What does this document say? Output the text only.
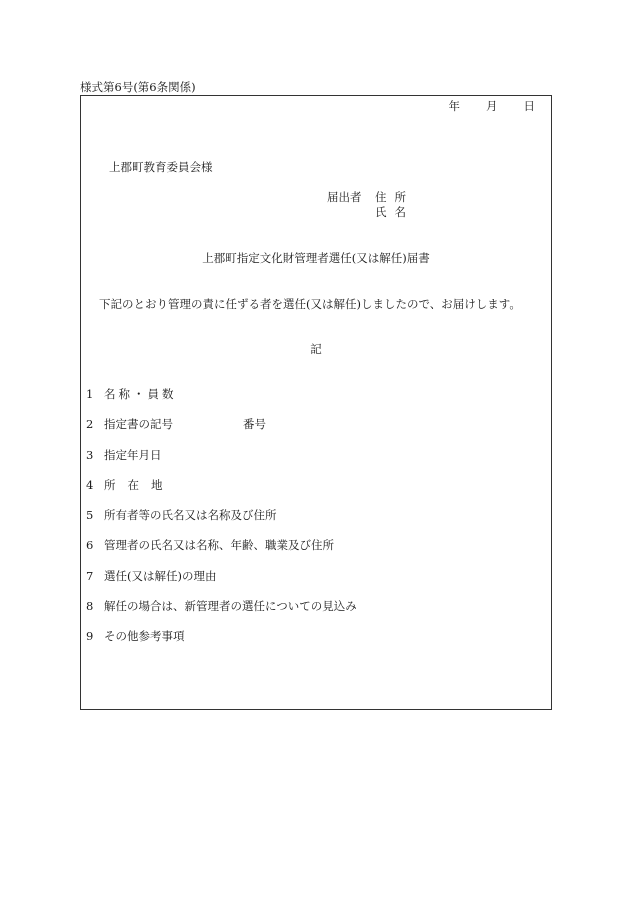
様式第6号(第6条関係)
年 月 日
上郡町教育委員会様
届出者	住所
氏名
上郡町指定文化財管理者選任(又は解任)届書
下記のとおり管理の責に任ずる者を選任(又は解任)しましたので、お届けします。
記
1 名称・員数
2 指定書の記号	番号
3 指定年月日
4 所在地
5 所有者等の氏名又は名称及び住所
6 管理者の氏名又は名称、年齢、職業及び住所
7 選任(又は解任)の理由
8 解任の場合は、新管理者の選任についての見込み
9 その他参考事項
